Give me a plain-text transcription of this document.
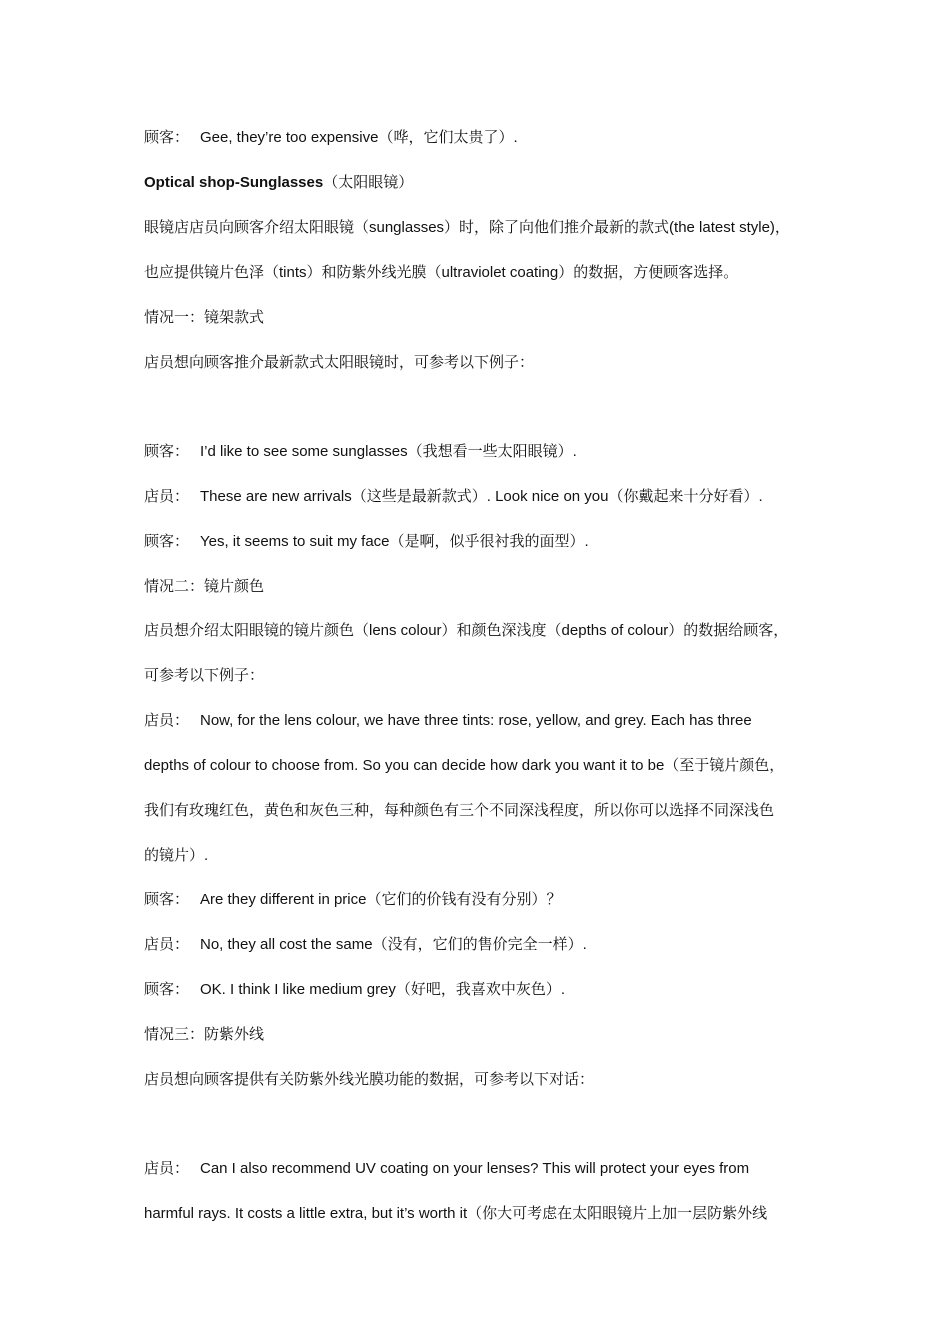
顾客： Gee, they’re too expensive（哗，它们太贵了）.
Optical shop-Sunglasses（太阳眼镜）
眼镜店店员向顾客介绍太阳眼镜（sunglasses）时，除了向他们推介最新的款式(the latest style)，
也应提供镜片色泽（tints）和防紫外线光膜（ultraviolet coating）的数据，方便顾客选择。
情况一：镜架款式
店员想向顾客推介最新款式太阳眼镜时，可参考以下例子：
顾客： I’d like to see some sunglasses（我想看一些太阳眼镜）.
店员： These are new arrivals（这些是最新款式）. Look nice on you（你戴起来十分好看）.
顾客： Yes, it seems to suit my face（是啊，似乎很衬我的面型）.
情况二：镜片颜色
店员想介绍太阳眼镜的镜片颜色（lens colour）和颜色深浅度（depths of colour）的数据给顾客，
可参考以下例子：
店员： Now, for the lens colour, we have three tints: rose, yellow, and grey. Each has three
depths of colour to choose from. So you can decide how dark you want it to be（至于镜片颜色，
我们有玫瑰红色，黄色和灰色三种，每种颜色有三个不同深浅程度，所以你可以选择不同深浅色
的镜片）.
顾客： Are they different in price（它们的价钱有没有分别）？
店员： No, they all cost the same（没有，它们的售价完全一样）.
顾客： OK. I think I like medium grey（好吧，我喜欢中灰色）.
情况三：防紫外线
店员想向顾客提供有关防紫外线光膜功能的数据，可参考以下对话：
店员： Can I also recommend UV coating on your lenses? This will protect your eyes from
harmful rays. It costs a little extra, but it’s worth it（你大可考虑在太阳眼镜片上加一层防紫外线
